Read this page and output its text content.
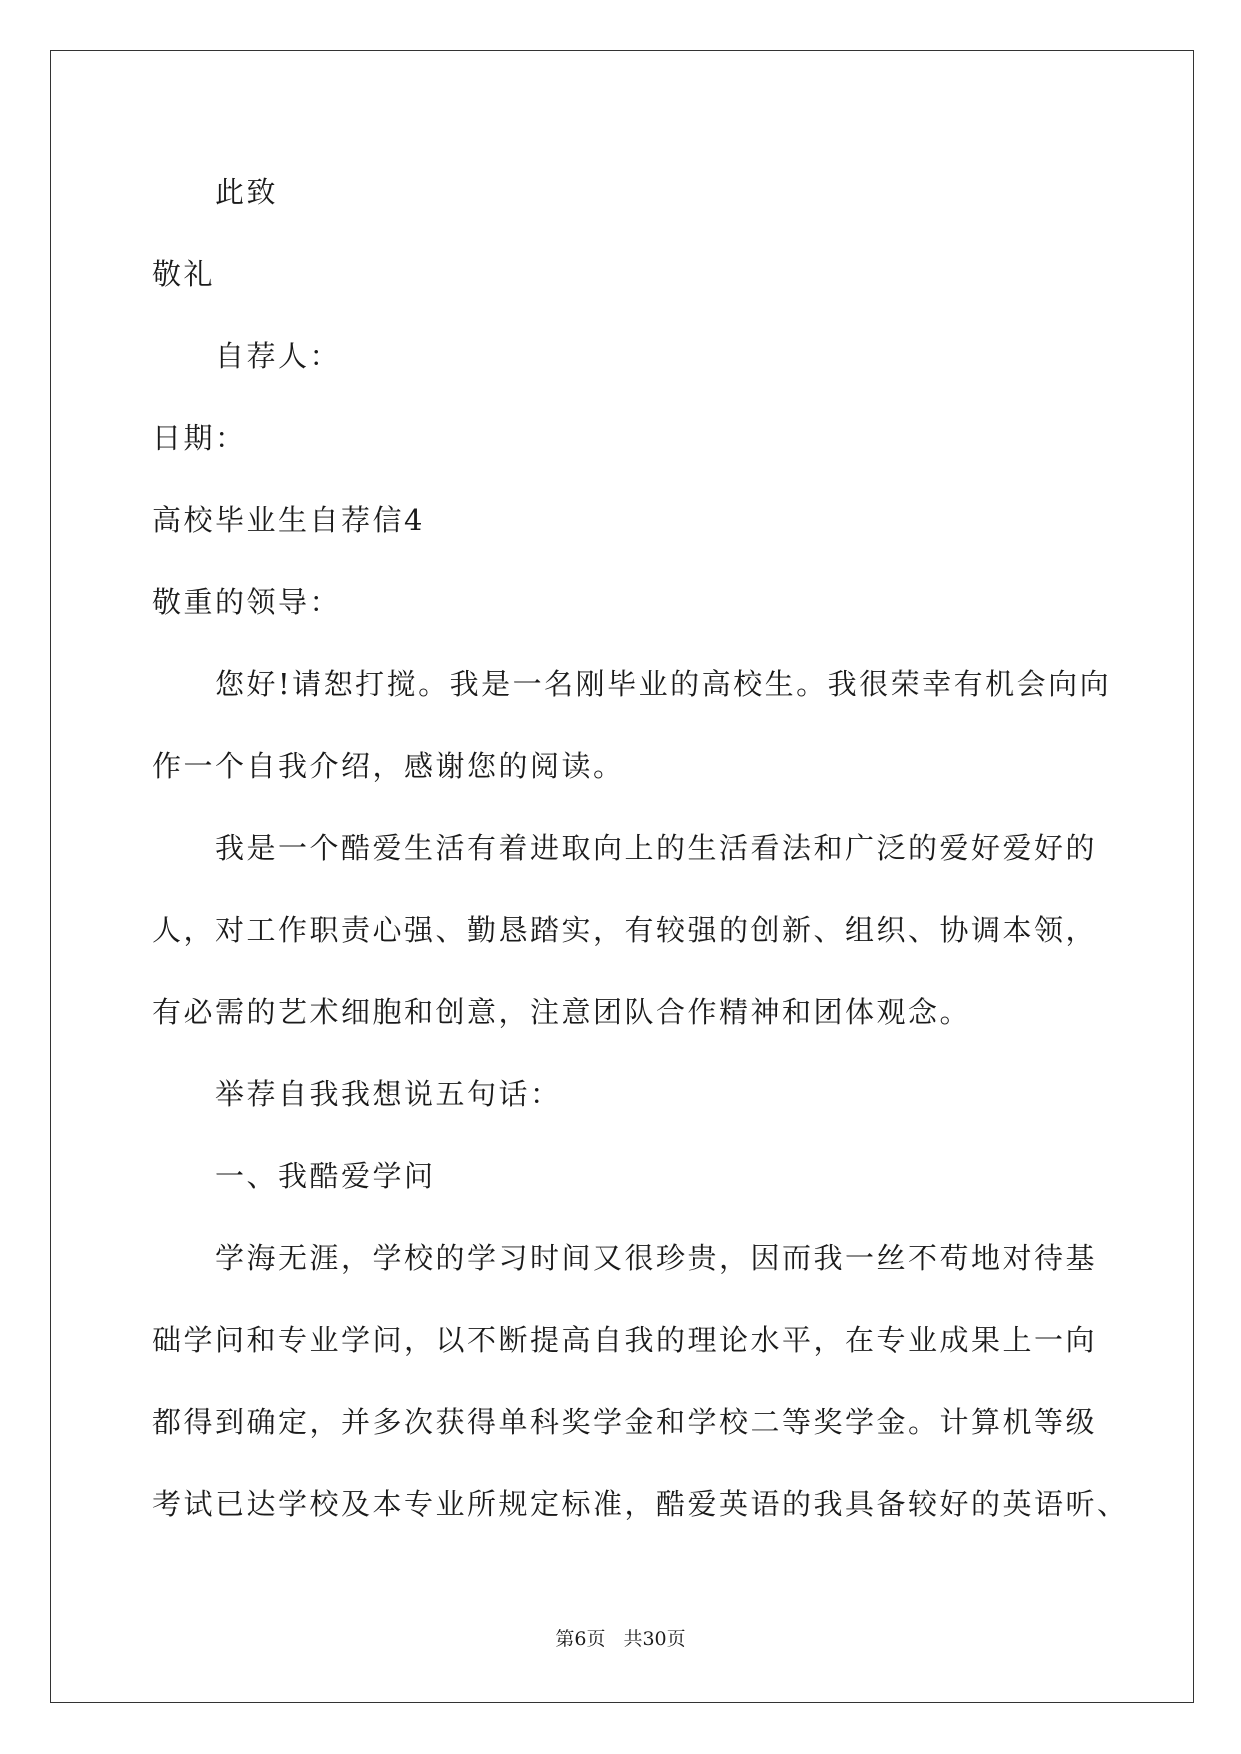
此致
敬礼
自荐人：
日期：
高校毕业生自荐信4
敬重的领导：
您好!请恕打搅。我是一名刚毕业的高校生。我很荣幸有机会向向
作一个自我介绍，感谢您的阅读。
我是一个酷爱生活有着进取向上的生活看法和广泛的爱好爱好的
人，对工作职责心强、勤恳踏实，有较强的创新、组织、协调本领，
有必需的艺术细胞和创意，注意团队合作精神和团体观念。
举荐自我我想说五句话：
一、我酷爱学问
学海无涯，学校的学习时间又很珍贵，因而我一丝不苟地对待基
础学问和专业学问，以不断提高自我的理论水平，在专业成果上一向
都得到确定，并多次获得单科奖学金和学校二等奖学金。计算机等级
考试已达学校及本专业所规定标准，酷爱英语的我具备较好的英语听、
第6页 共30页
